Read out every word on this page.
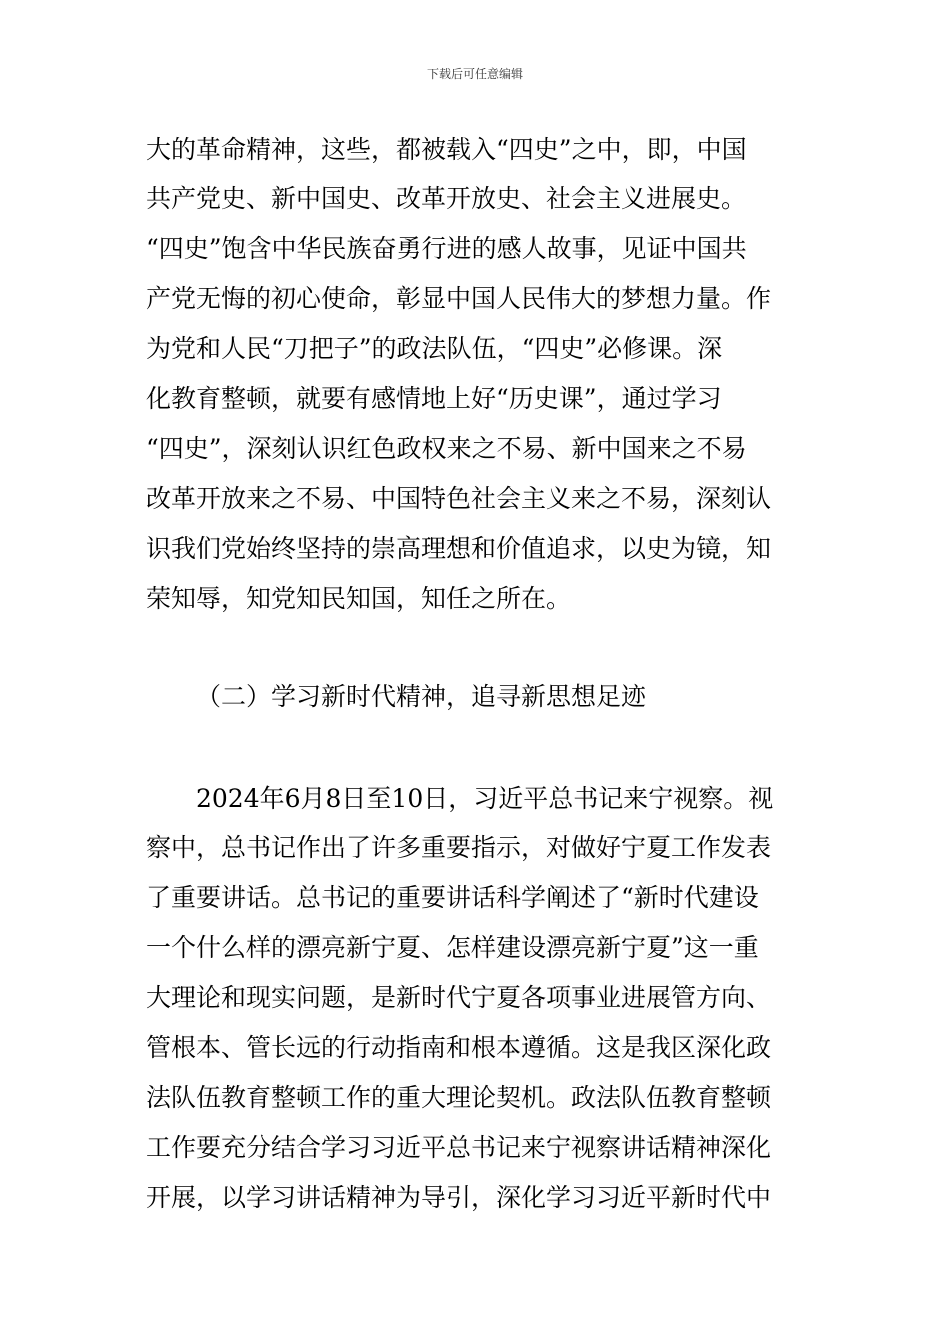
下载后可任意编辑
大的革命精神，这些，都被载入“四史”之中，即，中国
共产党史、新中国史、改革开放史、社会主义进展史。
“四史”饱含中华民族奋勇行进的感人故事，见证中国共
产党无悔的初心使命，彰显中国人民伟大的梦想力量。作
为党和人民“刀把子”的政法队伍，“四史”必修课。深
化教育整顿，就要有感情地上好“历史课”，通过学习
“四史”，深刻认识红色政权来之不易、新中国来之不易
改革开放来之不易、中国特色社会主义来之不易，深刻认
识我们党始终坚持的崇高理想和价值追求，以史为镜，知
荣知辱，知党知民知国，知任之所在。
（二）学习新时代精神，追寻新思想足迹
2024年6月8日至10日，习近平总书记来宁视察。视
察中，总书记作出了许多重要指示，对做好宁夏工作发表
了重要讲话。总书记的重要讲话科学阐述了“新时代建设
一个什么样的漂亮新宁夏、怎样建设漂亮新宁夏”这一重
大理论和现实问题，是新时代宁夏各项事业进展管方向、
管根本、管长远的行动指南和根本遵循。这是我区深化政
法队伍教育整顿工作的重大理论契机。政法队伍教育整顿
工作要充分结合学习习近平总书记来宁视察讲话精神深化
开展，以学习讲话精神为导引，深化学习习近平新时代中
